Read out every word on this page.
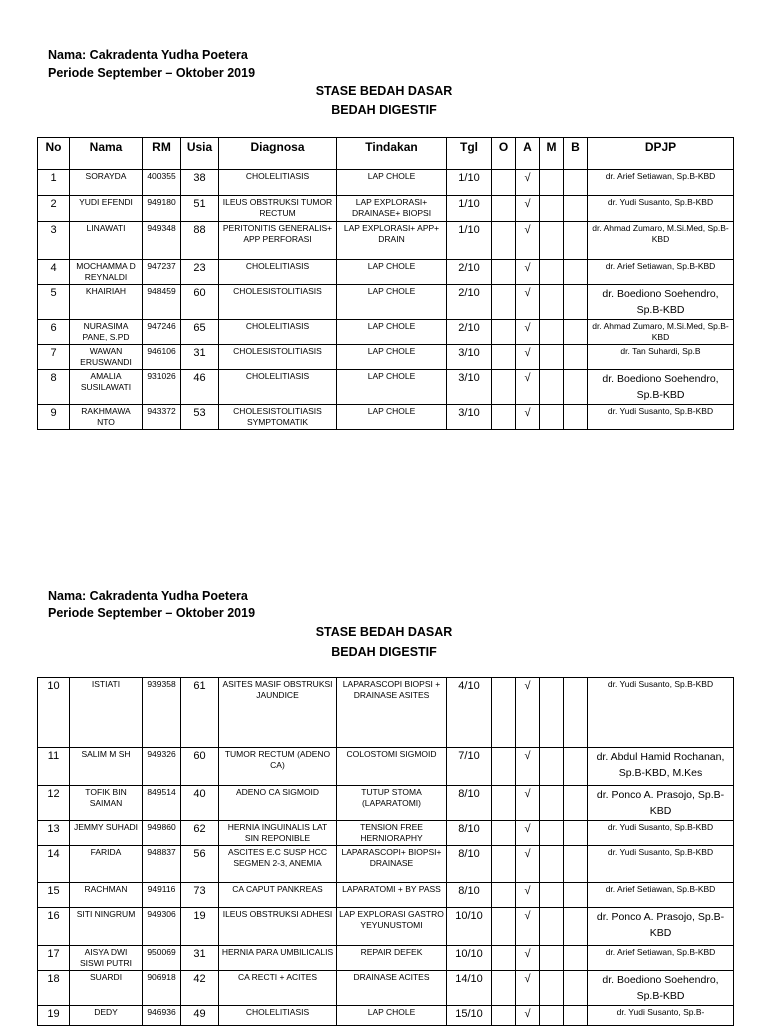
Nama: Cakradenta Yudha Poetera
Periode September – Oktober 2019
STASE BEDAH DASAR
BEDAH DIGESTIF
No	Nama	RM	Usia	Diagnosa	Tindakan	Tgl	O	A	M	B	DPJP
1	SORAYDA	400355	38	CHOLELITIASIS	LAP CHOLE	1/10		√			dr. Arief Setiawan, Sp.B-KBD
2	YUDI EFENDI	949180	51	ILEUS OBSTRUKSI TUMOR RECTUM	LAP EXPLORASI+ DRAINASE+ BIOPSI	1/10		√			dr. Yudi Susanto, Sp.B-KBD
3	LINAWATI	949348	88	PERITONITIS GENERALIS+ APP PERFORASI	LAP EXPLORASI+ APP+ DRAIN	1/10		√			dr. Ahmad Zumaro, M.Si.Med, Sp.B-KBD
4	MOCHAMMA D REYNALDI	947237	23	CHOLELITIASIS	LAP CHOLE	2/10		√			dr. Arief Setiawan, Sp.B-KBD
5	KHAIRIAH	948459	60	CHOLESISTOLITIASIS	LAP CHOLE	2/10		√			dr. Boediono Soehendro, Sp.B-KBD
6	NURASIMA PANE, S.PD	947246	65	CHOLELITIASIS	LAP CHOLE	2/10		√			dr. Ahmad Zumaro, M.Si.Med, Sp.B-KBD
7	WAWAN ERUSWANDI	946106	31	CHOLESISTOLITIASIS	LAP CHOLE	3/10		√			dr. Tan Suhardi, Sp.B
8	AMALIA SUSILAWATI	931026	46	CHOLELITIASIS	LAP CHOLE	3/10		√			dr. Boediono Soehendro, Sp.B-KBD
9	RAKHMAWA NTO	943372	53	CHOLESISTOLITIASIS SYMPTOMATIK	LAP CHOLE	3/10		√			dr. Yudi Susanto, Sp.B-KBD
Nama: Cakradenta Yudha Poetera
Periode September – Oktober 2019
STASE BEDAH DASAR
BEDAH DIGESTIF
10	ISTIATI	939358	61	ASITES MASIF OBSTRUKSI JAUNDICE	LAPARASCOPI BIOPSI + DRAINASE ASITES	4/10		√			dr. Yudi Susanto, Sp.B-KBD
11	SALIM M SH	949326	60	TUMOR RECTUM (ADENO CA)	COLOSTOMI SIGMOID	7/10		√			dr. Abdul Hamid Rochanan, Sp.B-KBD, M.Kes
12	TOFIK BIN SAIMAN	849514	40	ADENO CA SIGMOID	TUTUP STOMA (LAPARATOMI)	8/10		√			dr. Ponco A. Prasojo, Sp.B-KBD
13	JEMMY SUHADI	949860	62	HERNIA INGUINALIS LAT SIN REPONIBLE	TENSION FREE HERNIORAPHY	8/10		√			dr. Yudi Susanto, Sp.B-KBD
14	FARIDA	948837	56	ASCITES E.C SUSP HCC SEGMEN 2-3, ANEMIA	LAPARASCOPI+ BIOPSI+ DRAINASE	8/10		√			dr. Yudi Susanto, Sp.B-KBD
15	RACHMAN	949116	73	CA CAPUT PANKREAS	LAPARATOMI + BY PASS	8/10		√			dr. Arief Setiawan, Sp.B-KBD
16	SITI NINGRUM	949306	19	ILEUS OBSTRUKSI ADHESI	LAP EXPLORASI GASTRO YEYUNUSTOMI	10/10		√			dr. Ponco A. Prasojo, Sp.B-KBD
17	AISYA DWI SISWI PUTRI	950069	31	HERNIA PARA UMBILICALIS	REPAIR DEFEK	10/10		√			dr. Arief Setiawan, Sp.B-KBD
18	SUARDI	906918	42	CA RECTI + ACITES	DRAINASE ACITES	14/10		√			dr. Boediono Soehendro, Sp.B-KBD
19	DEDY	946936	49	CHOLELITIASIS	LAP CHOLE	15/10		√			dr. Yudi Susanto, Sp.B-
